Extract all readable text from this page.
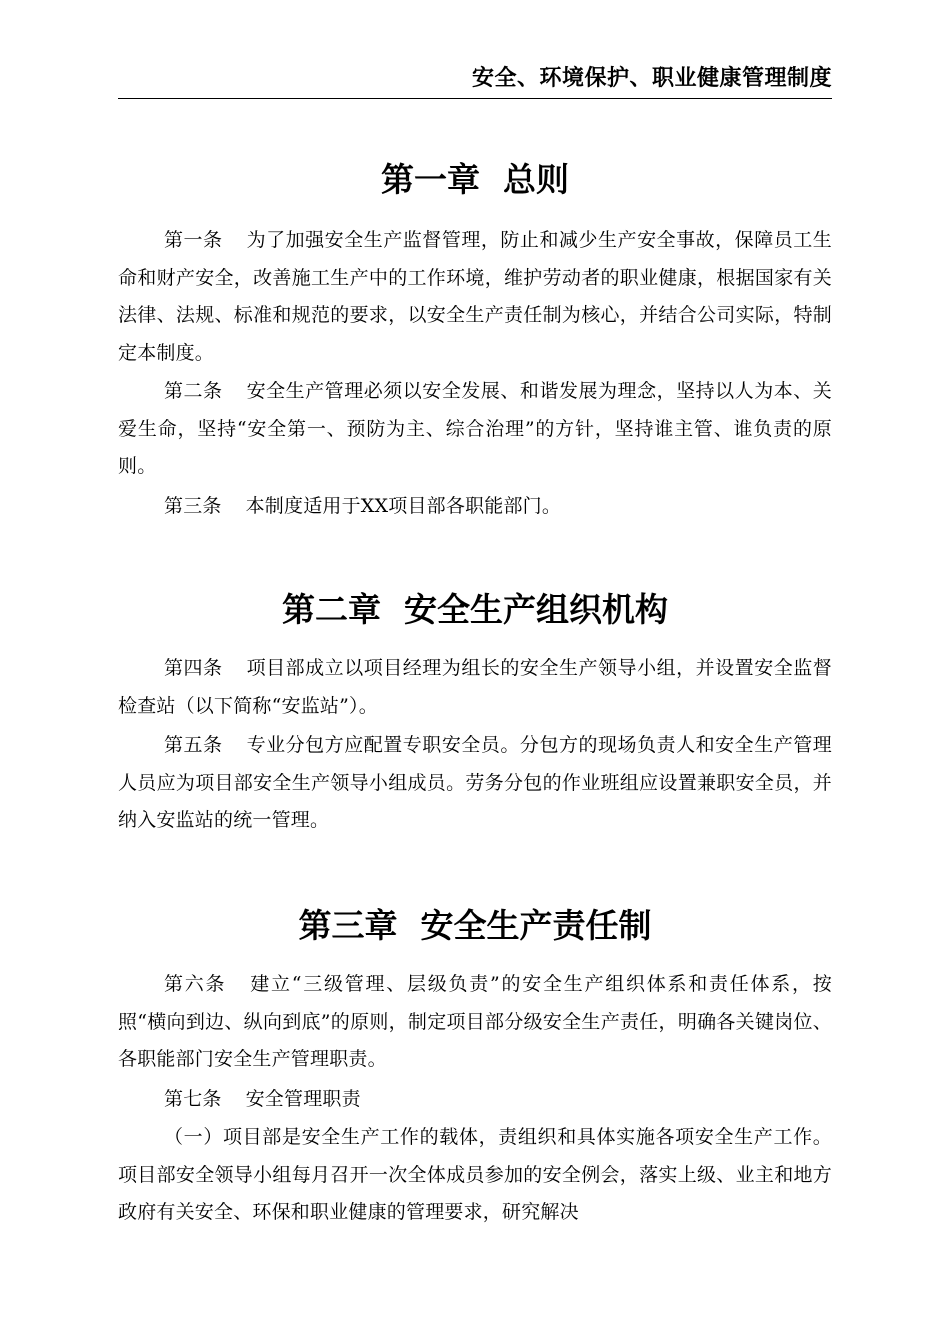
安全、环境保护、职业健康管理制度
第一章  总则

第一条 为了加强安全生产监督管理，防止和减少生产安全事故，保障员工生命和财产安全，改善施工生产中的工作环境，维护劳动者的职业健康，根据国家有关法律、法规、标准和规范的要求，以安全生产责任制为核心，并结合公司实际，特制定本制度。

第二条 安全生产管理必须以安全发展、和谐发展为理念，坚持以人为本、关爱生命，坚持“安全第一、预防为主、综合治理”的方针，坚持谁主管、谁负责的原则。

第三条 本制度适用于XX项目部各职能部门。

第二章  安全生产组织机构

第四条 项目部成立以项目经理为组长的安全生产领导小组，并设置安全监督检查站（以下简称“安监站”）。

第五条 专业分包方应配置专职安全员。分包方的现场负责人和安全生产管理人员应为项目部安全生产领导小组成员。劳务分包的作业班组应设置兼职安全员，并纳入安监站的统一管理。

第三章  安全生产责任制

第六条 建立“三级管理、层级负责”的安全生产组织体系和责任体系，按照“横向到边、纵向到底”的原则，制定项目部分级安全生产责任，明确各关键岗位、各职能部门安全生产管理职责。

第七条 安全管理职责

（一）项目部是安全生产工作的载体，责组织和具体实施各项安全生产工作。项目部安全领导小组每月召开一次全体成员参加的安全例会，落实上级、业主和地方政府有关安全、环保和职业健康的管理要求，研究解决
